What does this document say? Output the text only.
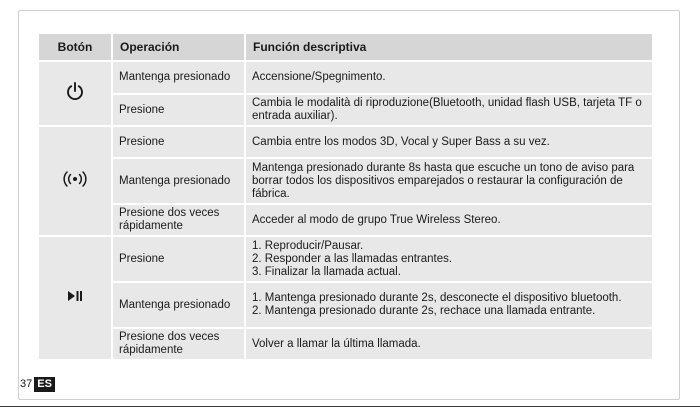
Botón	Operación	Función descriptiva
	Mantenga presionado	Accensione/Spegnimento.
	Presione	Cambia le modalità di riproduzione(Bluetooth, unidad flash USB, tarjeta TF o entrada auxiliar).
	Presione	Cambia entre los modos 3D, Vocal y Super Bass a su vez.
	Mantenga presionado	Mantenga presionado durante 8s hasta que escuche un tono de aviso para borrar todos los dispositivos emparejados o restaurar la configuración de fábrica.
	Presione dos veces rápidamente	Acceder al modo de grupo True Wireless Stereo.
	Presione	1. Reproducir/Pausar.
2. Responder a las llamadas entrantes.
3. Finalizar la llamada actual.
	Mantenga presionado	1. Mantenga presionado durante 2s, desconecte el dispositivo bluetooth.
2. Mantenga presionado durante 2s, rechace una llamada entrante.
	Presione dos veces rápidamente	Volver a llamar la última llamada.
37 ES
